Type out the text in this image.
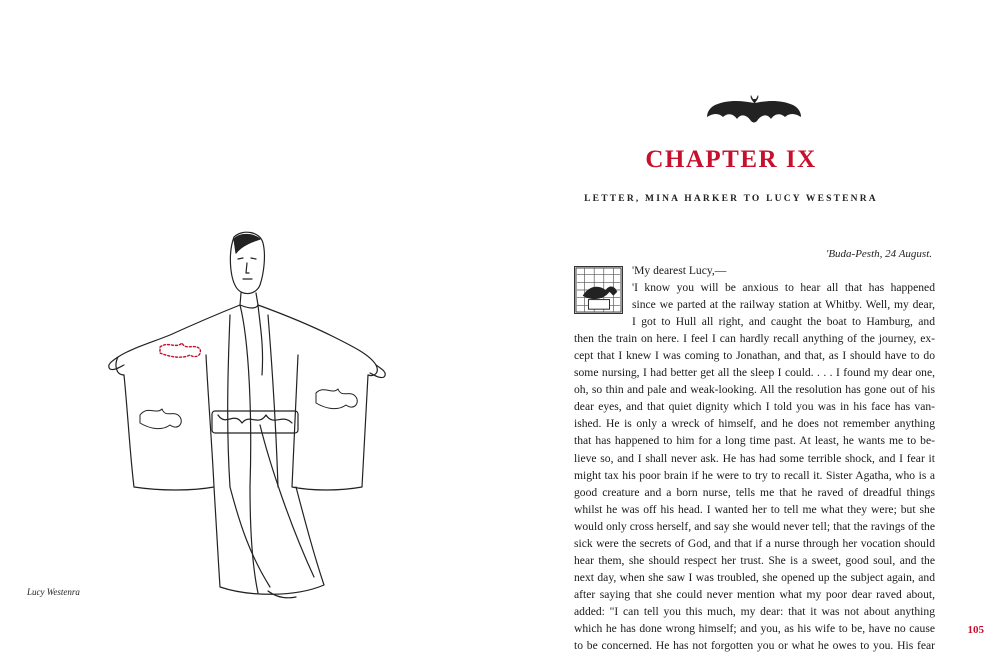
Lucy Westenra
CHAPTER IX
LETTER, MINA HARKER TO LUCY WESTENRA
'Buda-Pesth, 24 August.
'My dearest Lucy,—
'I know you will be anxious to hear all that has happened
since we parted at the railway station at Whitby. Well, my dear,
I got to Hull all right, and caught the boat to Hamburg, and
then the train on here. I feel I can hardly recall anything of the journey, ex-
cept that I knew I was coming to Jonathan, and that, as I should have to do
some nursing, I had better get all the sleep I could. . . . I found my dear one,
oh, so thin and pale and weak-looking. All the resolution has gone out of his
dear eyes, and that quiet dignity which I told you was in his face has van-
ished. He is only a wreck of himself, and he does not remember anything
that has happened to him for a long time past. At least, he wants me to be-
lieve so, and I shall never ask. He has had some terrible shock, and I fear it
might tax his poor brain if he were to try to recall it. Sister Agatha, who is a
good creature and a born nurse, tells me that he raved of dreadful things
whilst he was off his head. I wanted her to tell me what they were; but she
would only cross herself, and say she would never tell; that the ravings of the
sick were the secrets of God, and that if a nurse through her vocation should
hear them, she should respect her trust. She is a sweet, good soul, and the
next day, when she saw I was troubled, she opened up the subject again, and
after saying that she could never mention what my poor dear raved about,
added: "I can tell you this much, my dear: that it was not about anything
which he has done wrong himself; and you, as his wife to be, have no cause
to be concerned. He has not forgotten you or what he owes to you. His fear
105
